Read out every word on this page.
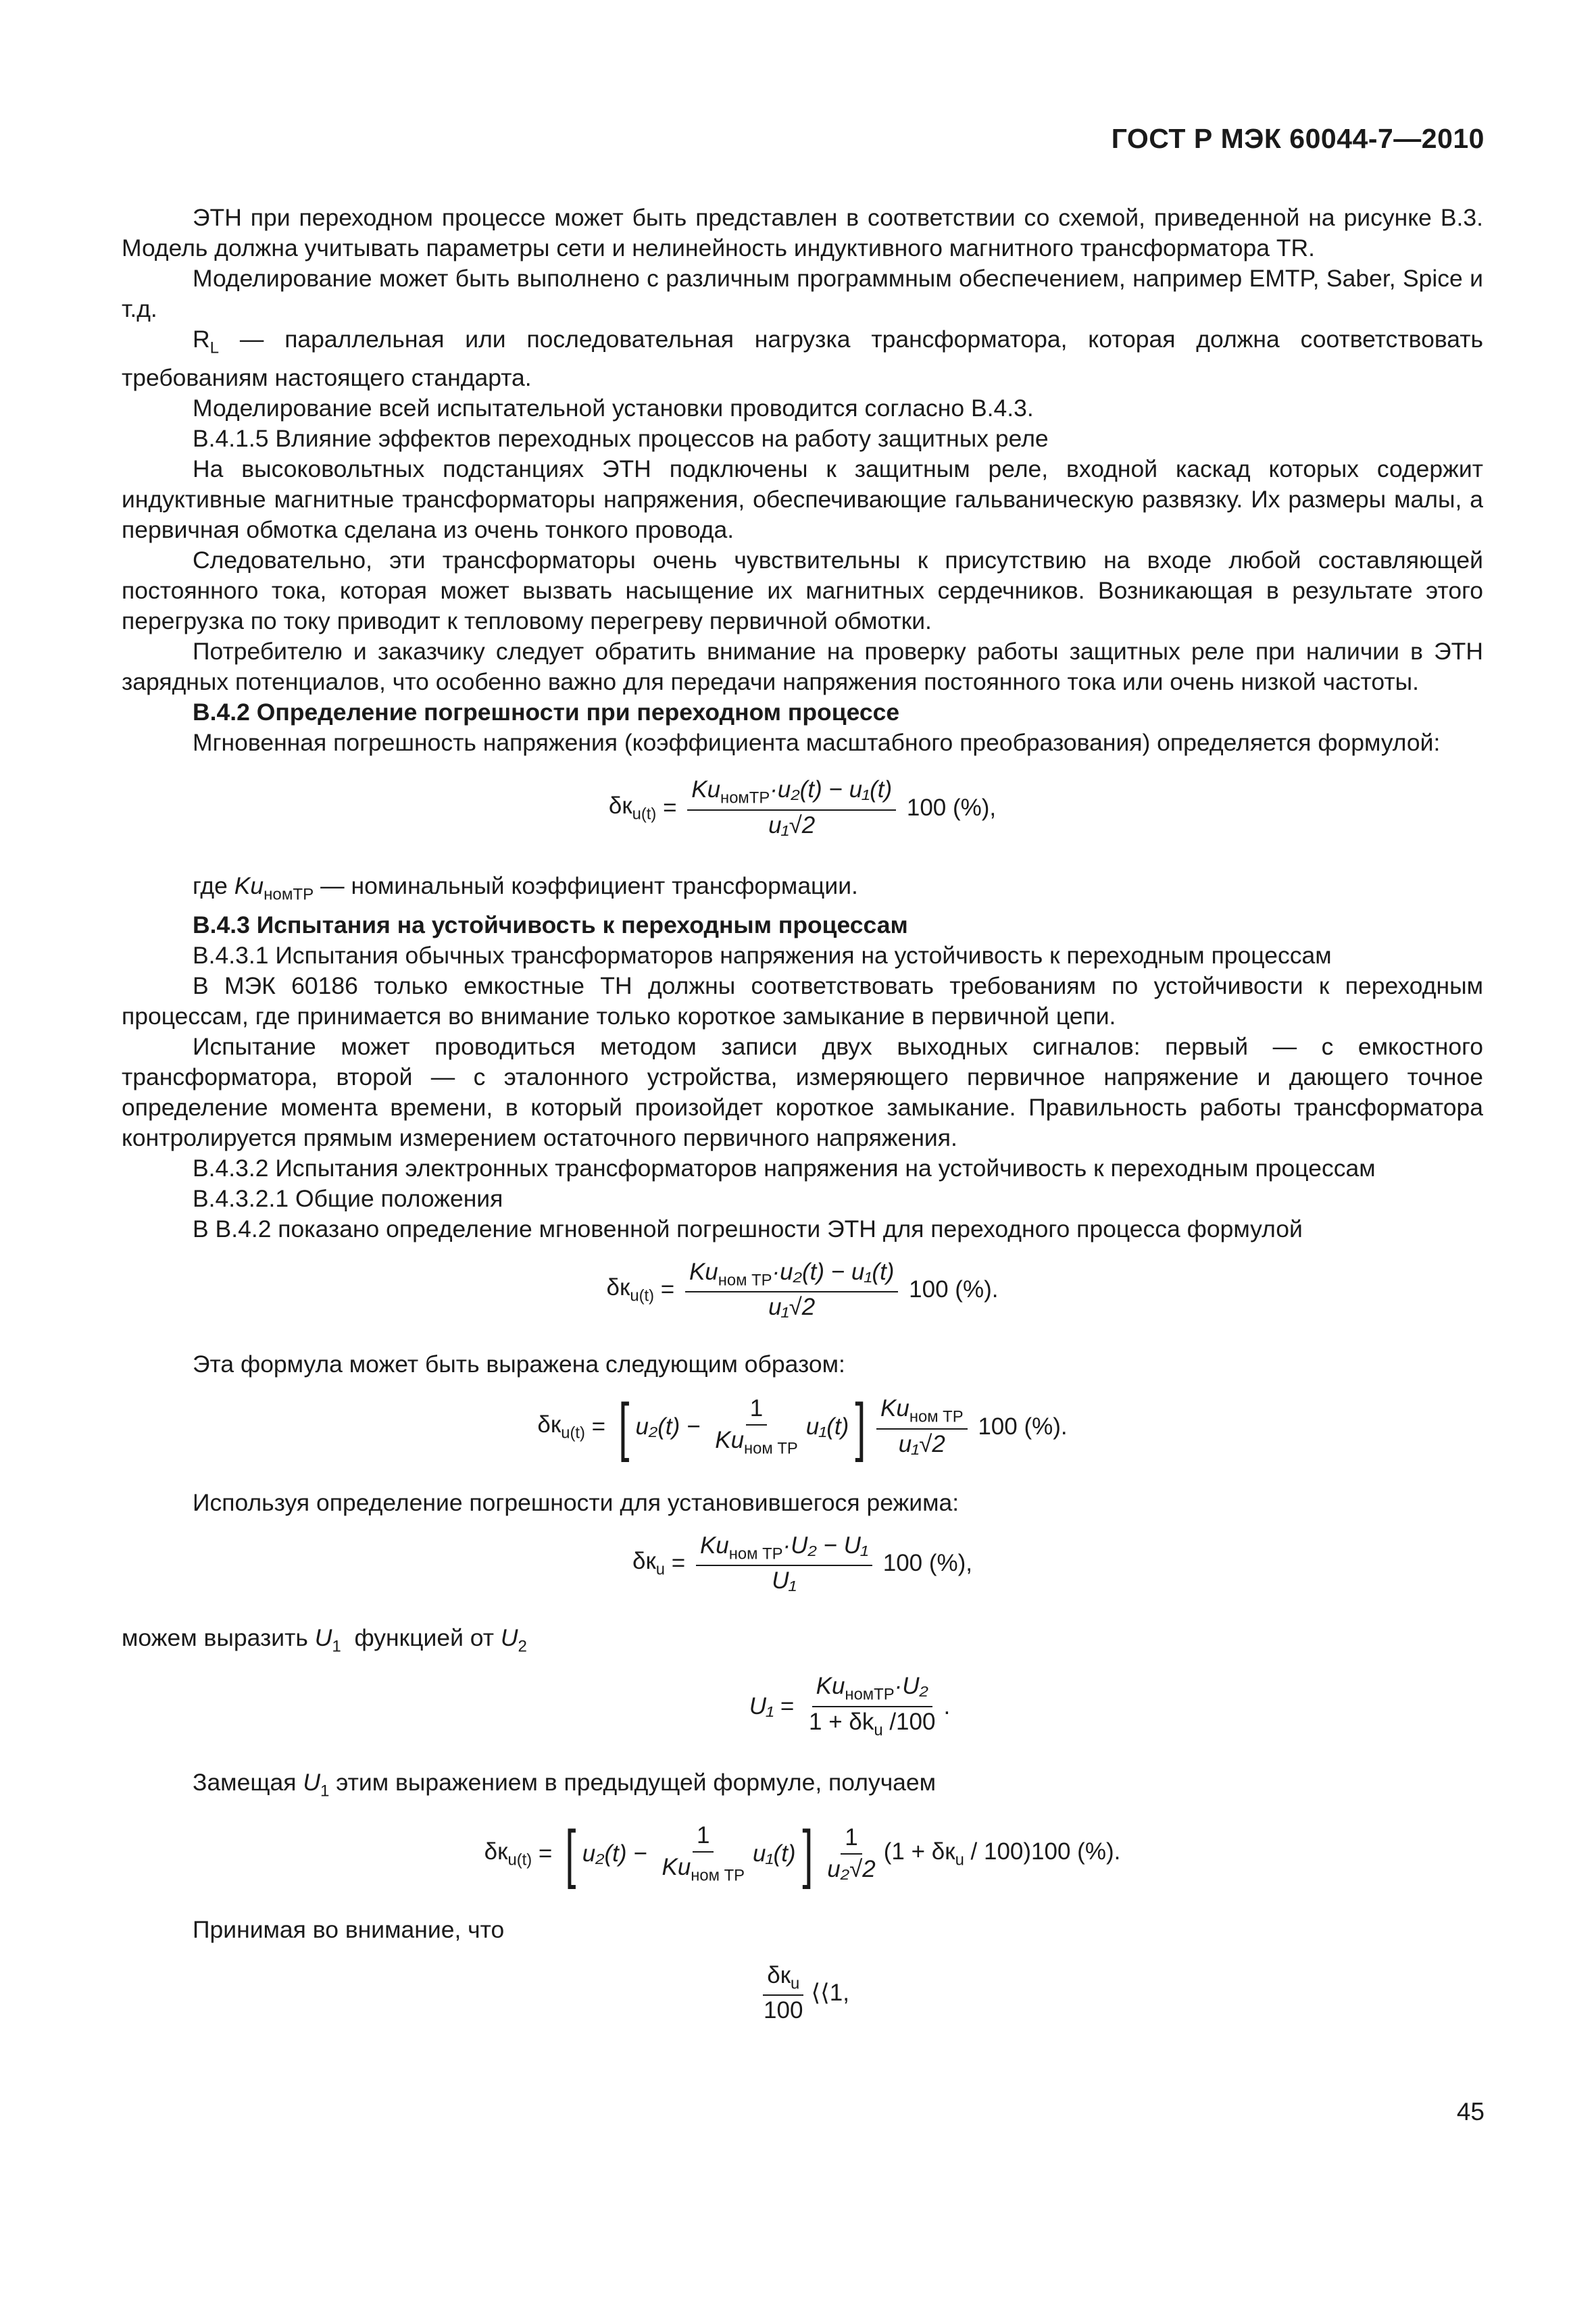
ГОСТ Р МЭК 60044-7—2010

ЭТН при переходном процессе может быть представлен в соответствии со схемой, приведенной на рисунке В.3. Модель должна учитывать параметры сети и нелинейность индуктивного магнитного трансформатора TR.

Моделирование может быть выполнено с различным программным обеспечением, например EMTP, Saber, Spice и т.д.

$R_L$ — параллельная или последовательная нагрузка трансформатора, которая должна соответствовать требованиям настоящего стандарта.

Моделирование всей испытательной установки проводится согласно В.4.3.

В.4.1.5 Влияние эффектов переходных процессов на работу защитных реле

На высоковольтных подстанциях ЭТН подключены к защитным реле, входной каскад которых содержит индуктивные магнитные трансформаторы напряжения, обеспечивающие гальваническую развязку. Их размеры малы, а первичная обмотка сделана из очень тонкого провода.

Следовательно, эти трансформаторы очень чувствительны к присутствию на входе любой составляющей постоянного тока, которая может вызвать насыщение их магнитных сердечников. Возникающая в результате этого перегрузка по току приводит к тепловому перегреву первичной обмотки.

Потребителю и заказчику следует обратить внимание на проверку работы защитных реле при наличии в ЭТН зарядных потенциалов, что особенно важно для передачи напряжения постоянного тока или очень низкой частоты.

В.4.2 Определение погрешности при переходном процессе

Мгновенная погрешность напряжения (коэффициента масштабного преобразования) определяется формулой:

$\delta к_{u(t)} = \frac{Ku_{номТР}\cdot u_2(t) - u_1(t)}{\text{u₁√2}} 100$ (%),

где $Ku_{номТР}$ — номинальный коэффициент трансформации.

В.4.3 Испытания на устойчивость к переходным процессам

В.4.3.1 Испытания обычных трансформаторов напряжения на устойчивость к переходным процессам

В МЭК 60186 только емкостные ТН должны соответствовать требованиям по устойчивости к переходным процессам, где принимается во внимание только короткое замыкание в первичной цепи.

Испытание может проводиться методом записи двух выходных сигналов: первый — с емкостного трансформатора, второй — с эталонного устройства, измеряющего первичное напряжение и дающего точное определение момента времени, в который произойдет короткое замыкание. Правильность работы трансформатора контролируется прямым измерением остаточного первичного напряжения.

В.4.3.2 Испытания электронных трансформаторов напряжения на устойчивость к переходным процессам

В.4.3.2.1 Общие положения

В В.4.2 показано определение мгновенной погрешности ЭТН для переходного процесса формулой

$\delta к_{u(t)} = \frac{Ku_{ном ТР}\cdot u_2(t) - u_1(t)}{\text{u₁√2}} 100$ (%).

Эта формула может быть выражена следующим образом:

$\delta к_{u(t)}$ = [ $u_2(t) - \frac{1}{Ku_{ном ТР}} u_1(t)$ ] $\frac{Ku_{ном ТР}}{\text{u₁√2}} 100$ (%).

Используя определение погрешности для установившегося режима:

$\delta к_u = \frac{Ku_{ном ТР}\cdot U_2 - U_1}{\text{U₁}} 100$ (%),

можем выразить $U_1$  функцией от $U_2$

$U_1 = \frac{Ku_{номТР}\cdot U_2}{1 + \delta k_u /100}$ .

Замещая $U_1$ этим выражением в предыдущей формуле, получаем

$\delta к_{u(t)}$ = [ $u_2(t) - \frac{1}{Ku_{ном ТР}} u_1(t)$ ] $\frac{1}{\text{u₂√2}} (1 + \delta к_u / 100)100$ (%).

Принимая во внимание, что

$\frac{\delta к_u}{100}$ ⟨⟨1,
45
